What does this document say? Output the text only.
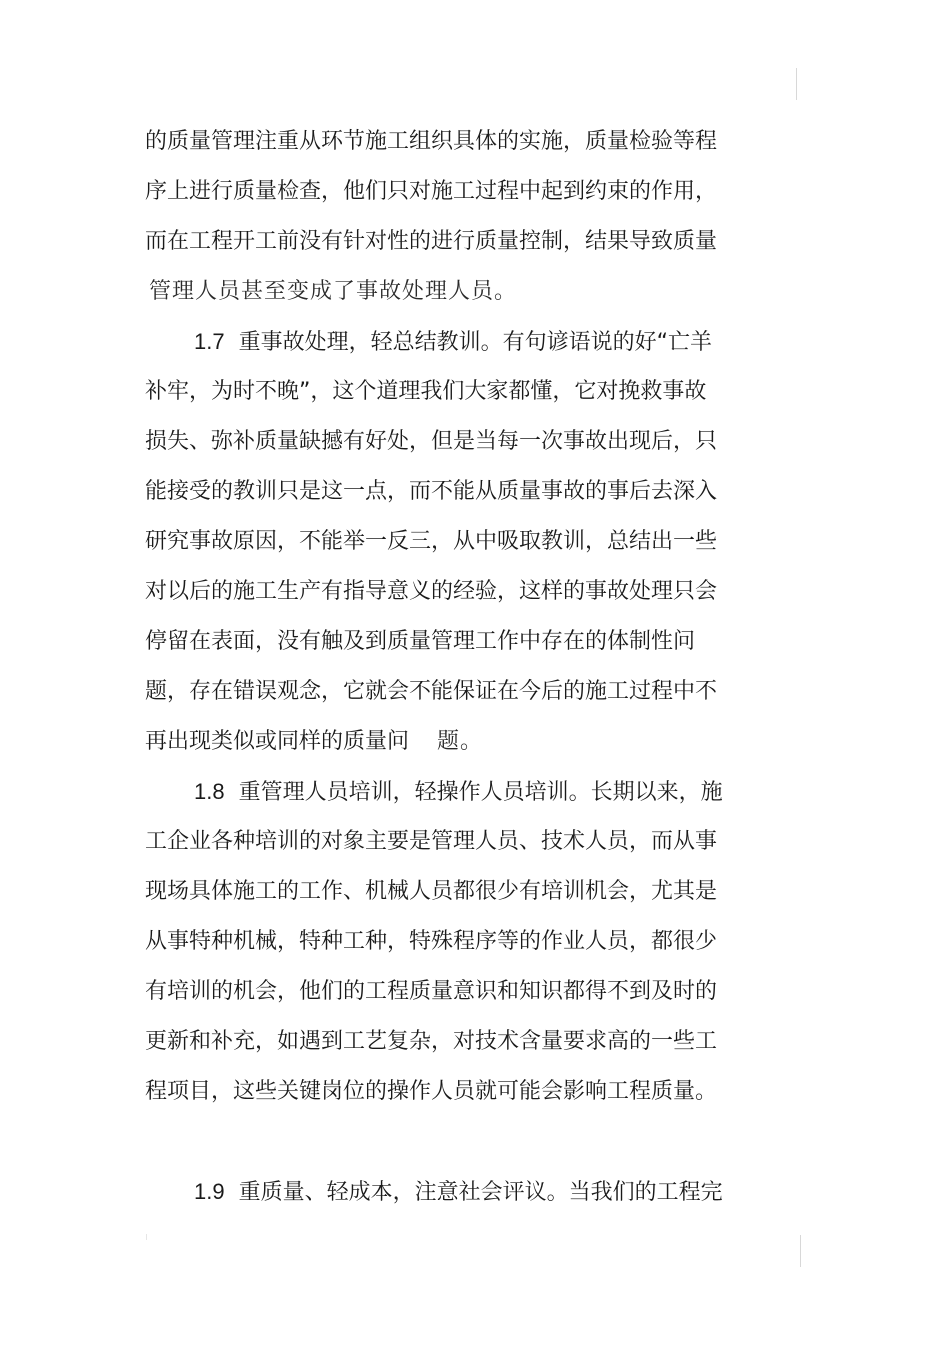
的质量管理注重从环节施工组织具体的实施，质量检验等程
序上进行质量检查，他们只对施工过程中起到约束的作用，
而在工程开工前没有针对性的进行质量控制，结果导致质量
管理人员甚至变成了事故处理人员。
1.7 重事故处理，轻总结教训。有句谚语说的好“亡羊
补牢，为时不晚”，这个道理我们大家都懂，它对挽救事故
损失、弥补质量缺撼有好处，但是当每一次事故出现后，只
能接受的教训只是这一点，而不能从质量事故的事后去深入
研究事故原因，不能举一反三，从中吸取教训，总结出一些
对以后的施工生产有指导意义的经验，这样的事故处理只会
停留在表面，没有触及到质量管理工作中存在的体制性问
题，存在错误观念，它就会不能保证在今后的施工过程中不
再出现类似或同样的质量问 题。
1.8 重管理人员培训，轻操作人员培训。长期以来，施
工企业各种培训的对象主要是管理人员、技术人员，而从事
现场具体施工的工作、机械人员都很少有培训机会，尤其是
从事特种机械，特种工种，特殊程序等的作业人员，都很少
有培训的机会，他们的工程质量意识和知识都得不到及时的
更新和补充，如遇到工艺复杂，对技术含量要求高的一些工
程项目，这些关键岗位的操作人员就可能会影响工程质量。
1.9 重质量、轻成本，注意社会评议。当我们的工程完
